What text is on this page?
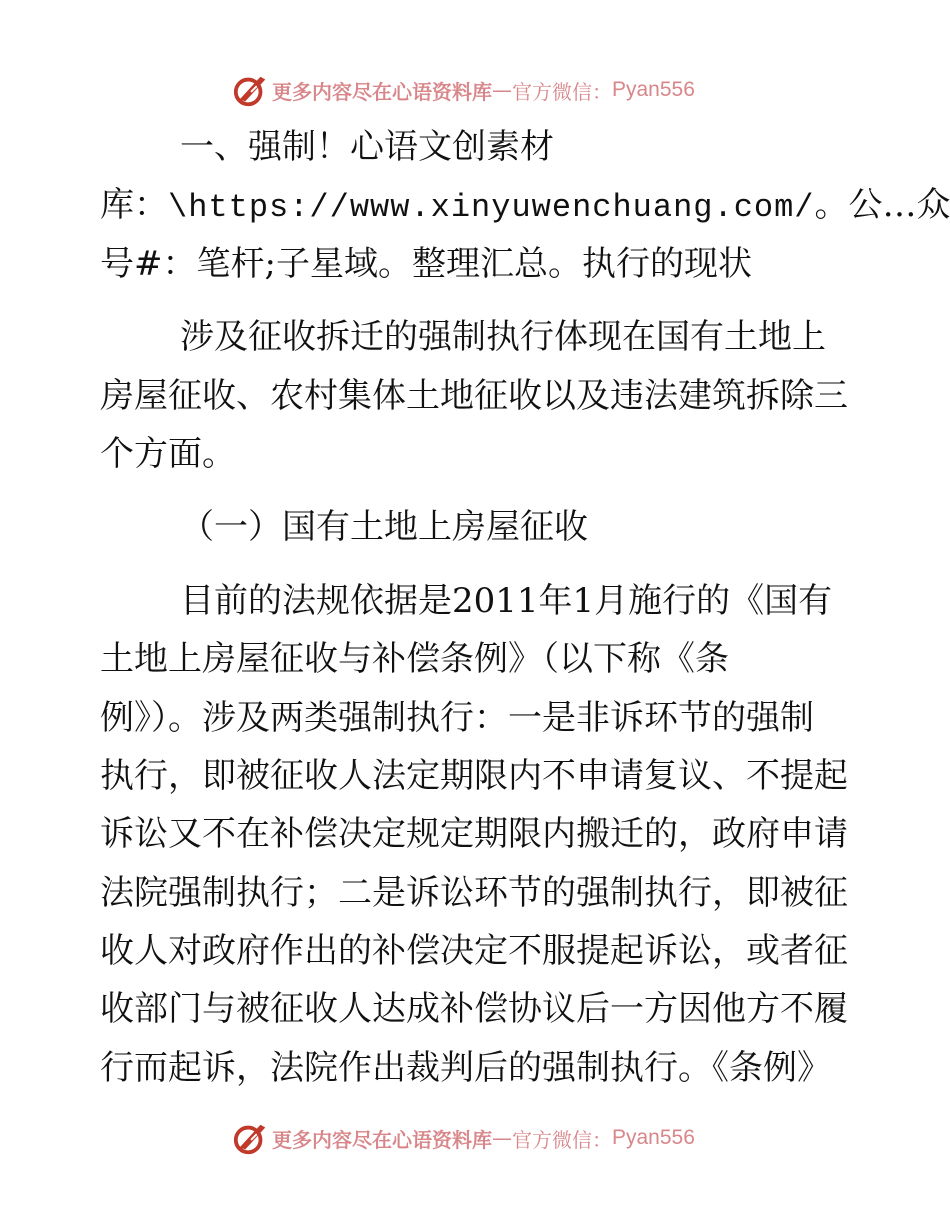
更多内容尽在心语资料库 — 官方微信： Pyan556
一、强制！心语文创素材
库：\https://www.xinyuwenchuang.com/。公…众
号#：笔杆;子星域。整理汇总。执行的现状
涉及征收拆迁的强制执行体现在国有土地上
房屋征收、农村集体土地征收以及违法建筑拆除三
个方面。
（一）国有土地上房屋征收
目前的法规依据是2011年1月施行的《国有
土地上房屋征收与补偿条例》（以下称《条
例》）。涉及两类强制执行：一是非诉环节的强制
执行，即被征收人法定期限内不申请复议、不提起
诉讼又不在补偿决定规定期限内搬迁的，政府申请
法院强制执行；二是诉讼环节的强制执行，即被征
收人对政府作出的补偿决定不服提起诉讼，或者征
收部门与被征收人达成补偿协议后一方因他方不履
行而起诉，法院作出裁判后的强制执行。《条例》
更多内容尽在心语资料库 — 官方微信： Pyan556
